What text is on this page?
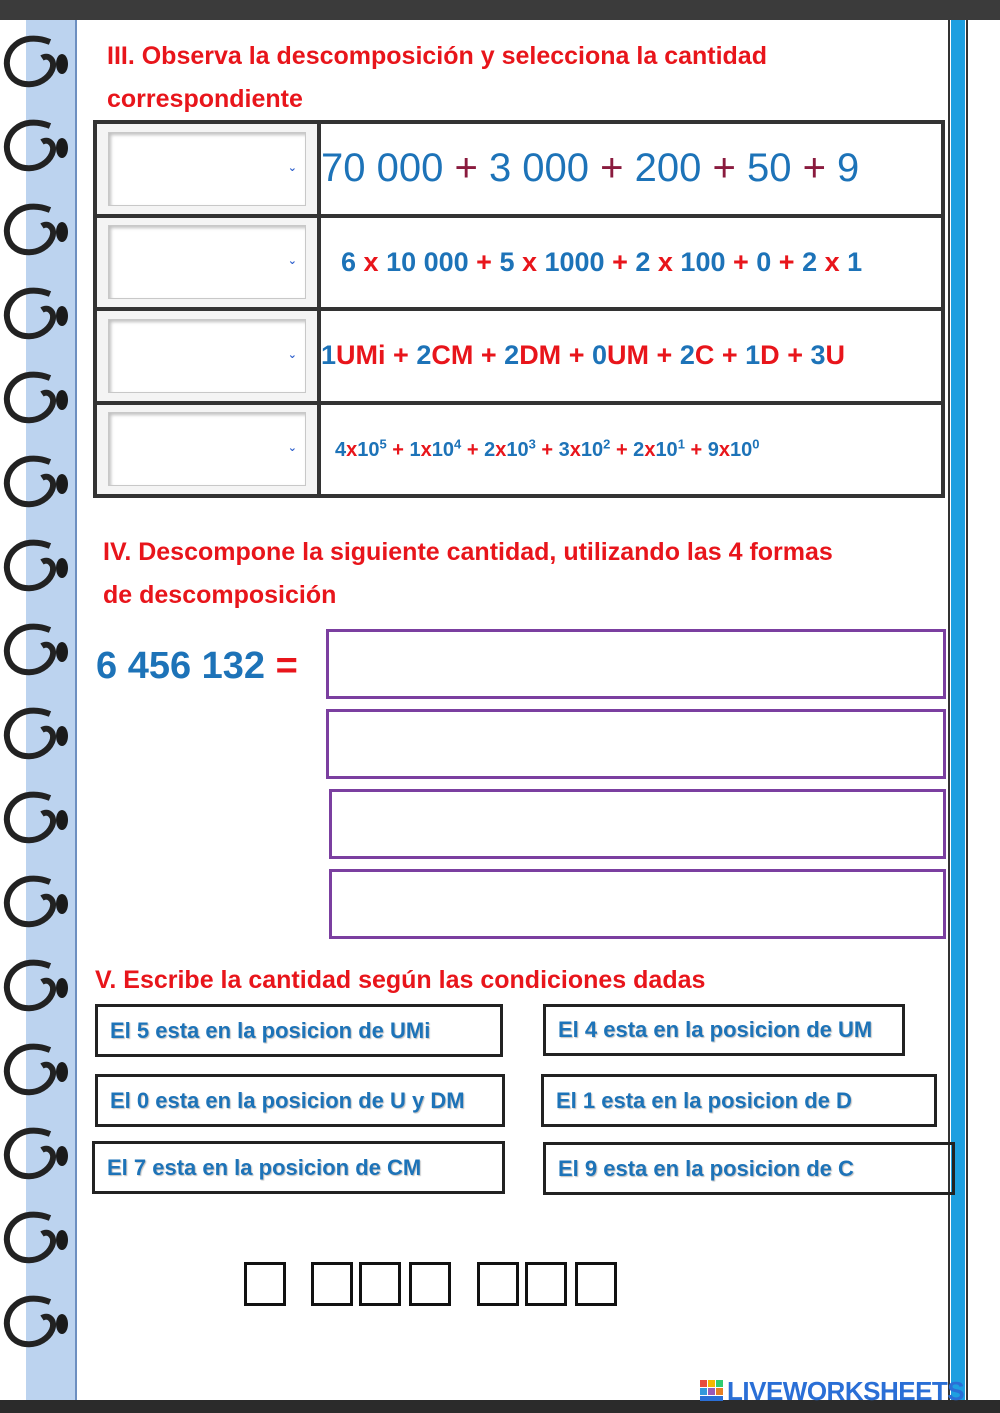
III. Observa la descomposición y selecciona la cantidad
correspondiente
⌄	70 000 + 3 000 + 200 + 50 + 9

⌄	6 x 10 000 + 5 x 1000 + 2 x 100 + 0 + 2 x 1

⌄	1UMi + 2CM + 2DM + 0UM + 2C + 1D + 3U

⌄	$4x10^5 + 1x10^4 + 2x10^3 + 3x10^2 + 2x10^1 + 9x10^0$
IV. Descompone la siguiente cantidad, utilizando las 4 formas
de descomposición
6 456 132 =
V. Escribe la cantidad según las condiciones dadas
El 5 esta en la posicion de UMi	El 4 esta en la posicion de UM
El 0 esta en la posicion de U y DM	El 1 esta en la posicion de D
El 7 esta en la posicion de CM	El 9 esta en la posicion de C
LIVEWORKSHEETS
